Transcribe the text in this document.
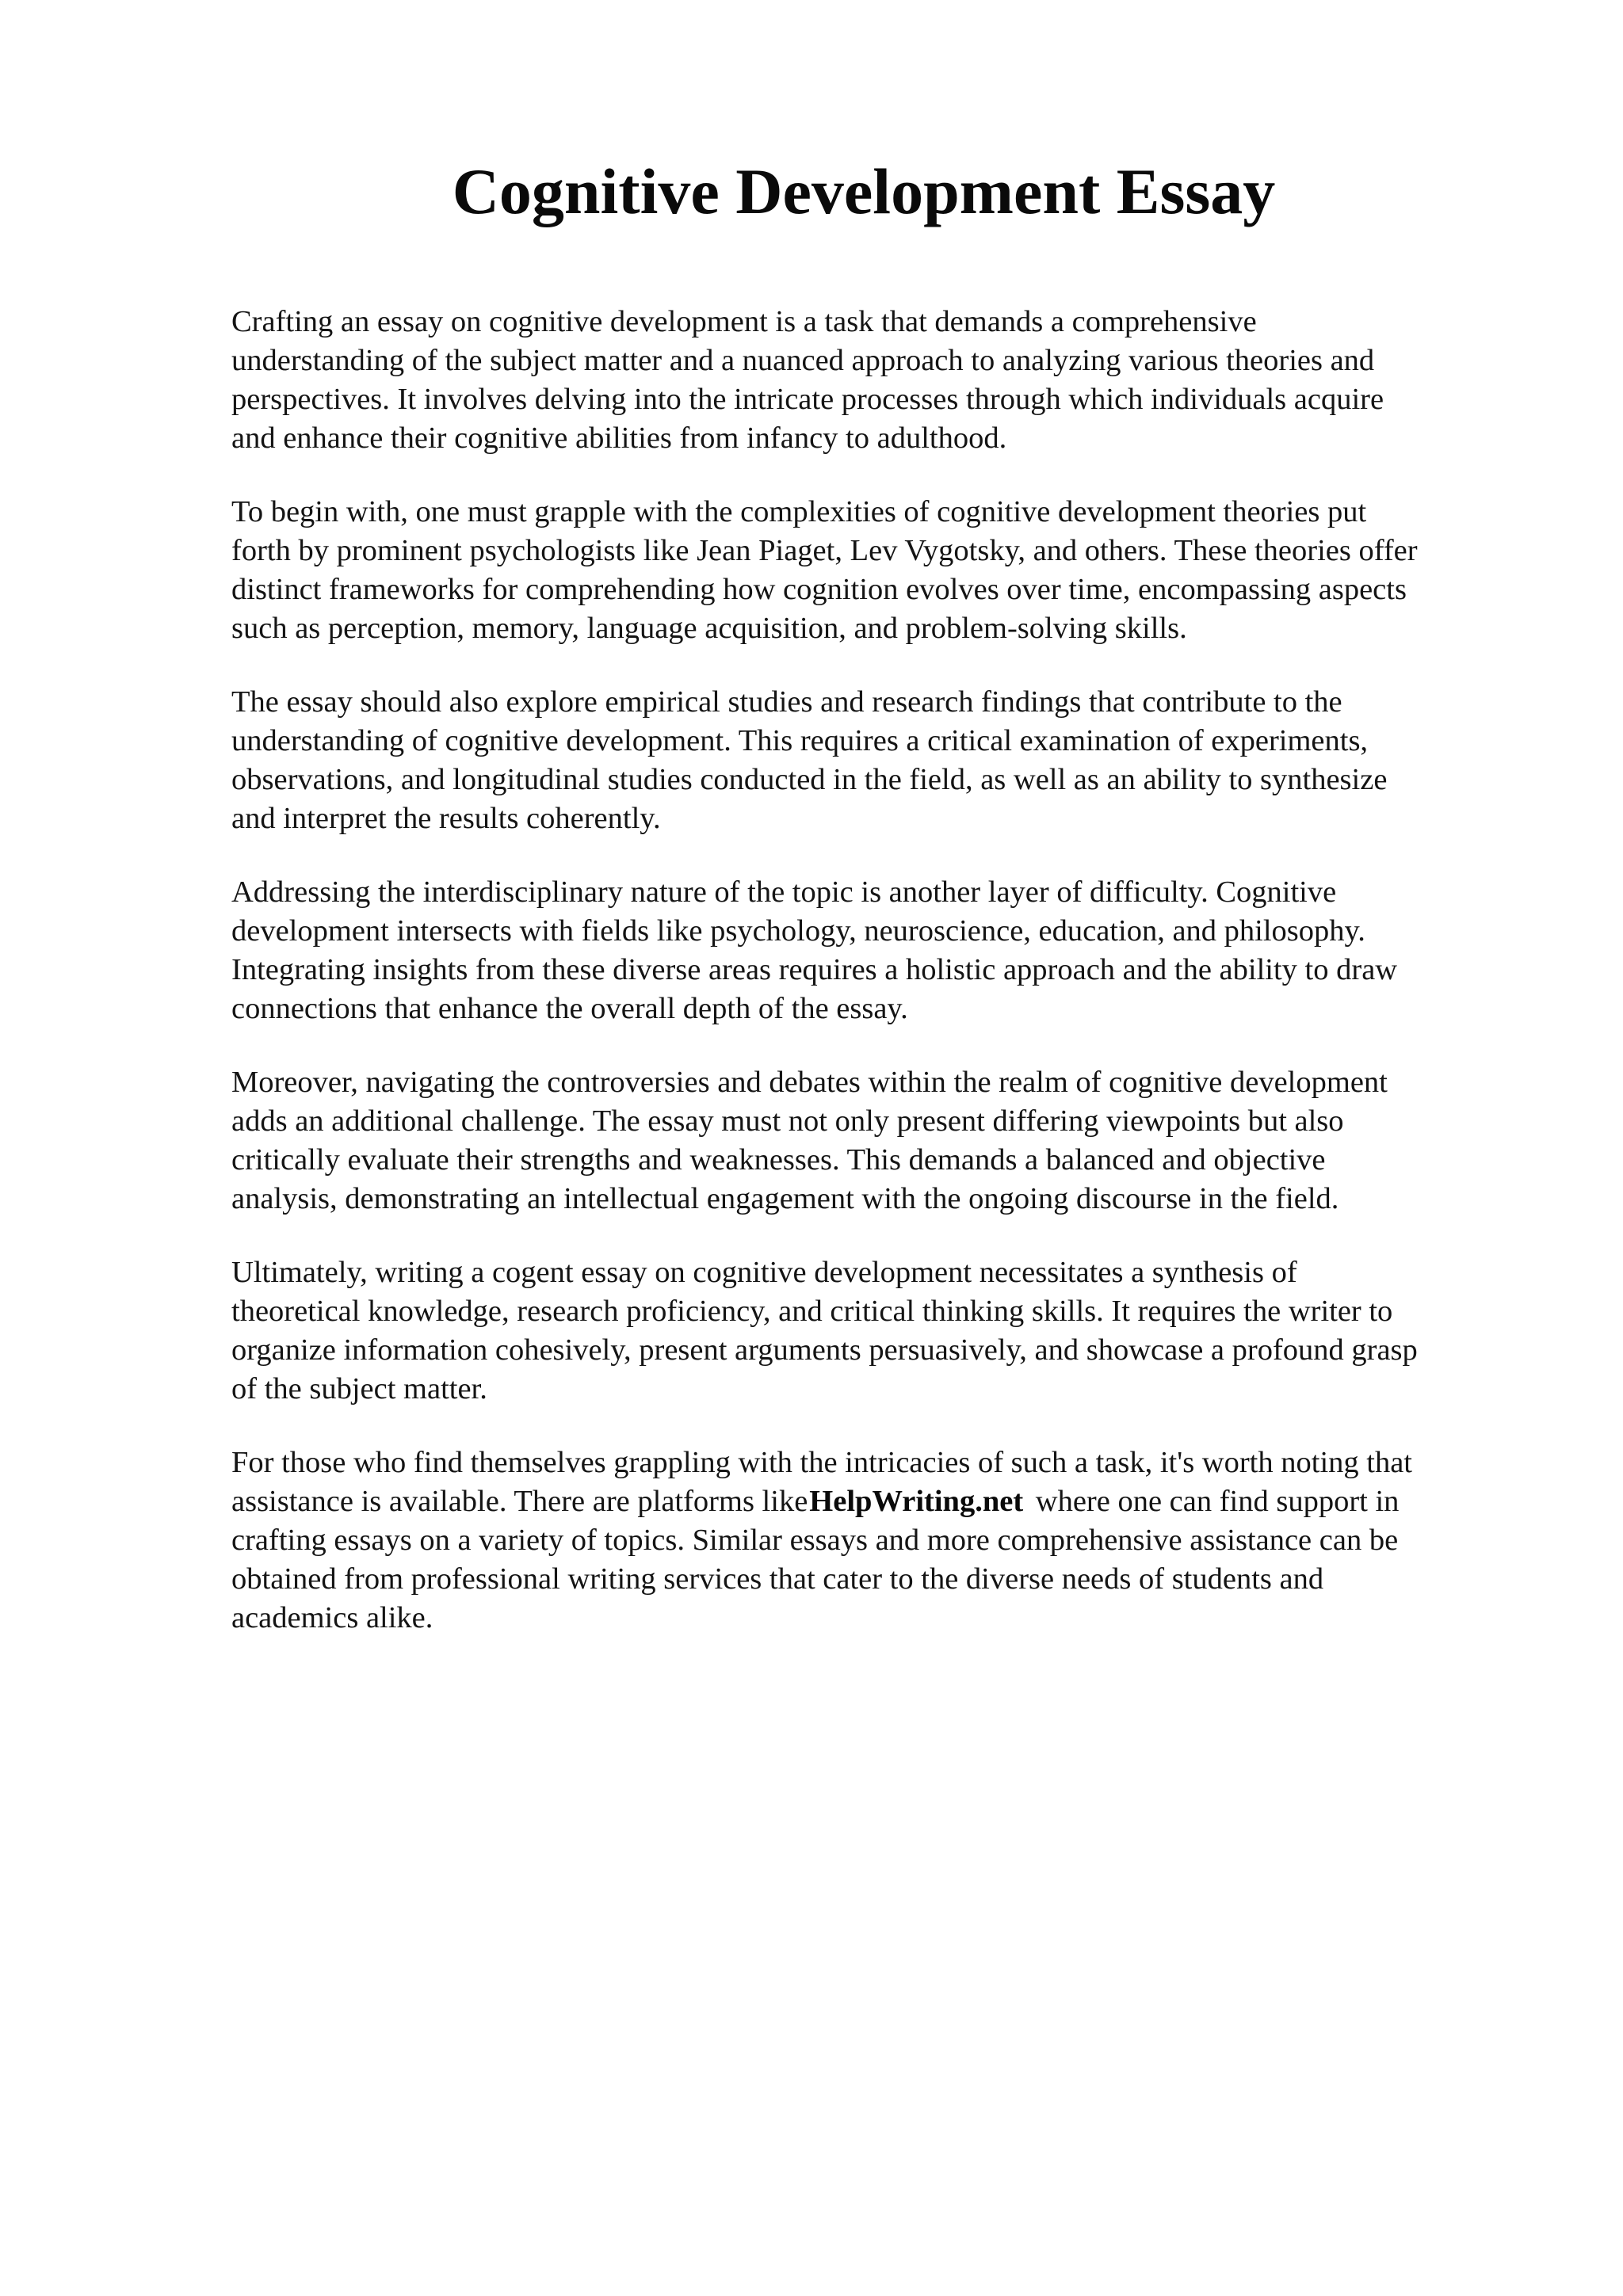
Cognitive Development Essay

Crafting an essay on cognitive development is a task that demands a comprehensive
understanding of the subject matter and a nuanced approach to analyzing various theories and
perspectives. It involves delving into the intricate processes through which individuals acquire
and enhance their cognitive abilities from infancy to adulthood.

To begin with, one must grapple with the complexities of cognitive development theories put
forth by prominent psychologists like Jean Piaget, Lev Vygotsky, and others. These theories offer
distinct frameworks for comprehending how cognition evolves over time, encompassing aspects
such as perception, memory, language acquisition, and problem-solving skills.

The essay should also explore empirical studies and research findings that contribute to the
understanding of cognitive development. This requires a critical examination of experiments,
observations, and longitudinal studies conducted in the field, as well as an ability to synthesize
and interpret the results coherently.

Addressing the interdisciplinary nature of the topic is another layer of difficulty. Cognitive
development intersects with fields like psychology, neuroscience, education, and philosophy.
Integrating insights from these diverse areas requires a holistic approach and the ability to draw
connections that enhance the overall depth of the essay.

Moreover, navigating the controversies and debates within the realm of cognitive development
adds an additional challenge. The essay must not only present differing viewpoints but also
critically evaluate their strengths and weaknesses. This demands a balanced and objective
analysis, demonstrating an intellectual engagement with the ongoing discourse in the field.

Ultimately, writing a cogent essay on cognitive development necessitates a synthesis of
theoretical knowledge, research proficiency, and critical thinking skills. It requires the writer to
organize information cohesively, present arguments persuasively, and showcase a profound grasp
of the subject matter.

For those who find themselves grappling with the intricacies of such a task, it's worth noting that
assistance is available. There are platforms likeHelpWriting.net where one can find support in
crafting essays on a variety of topics. Similar essays and more comprehensive assistance can be
obtained from professional writing services that cater to the diverse needs of students and
academics alike.
